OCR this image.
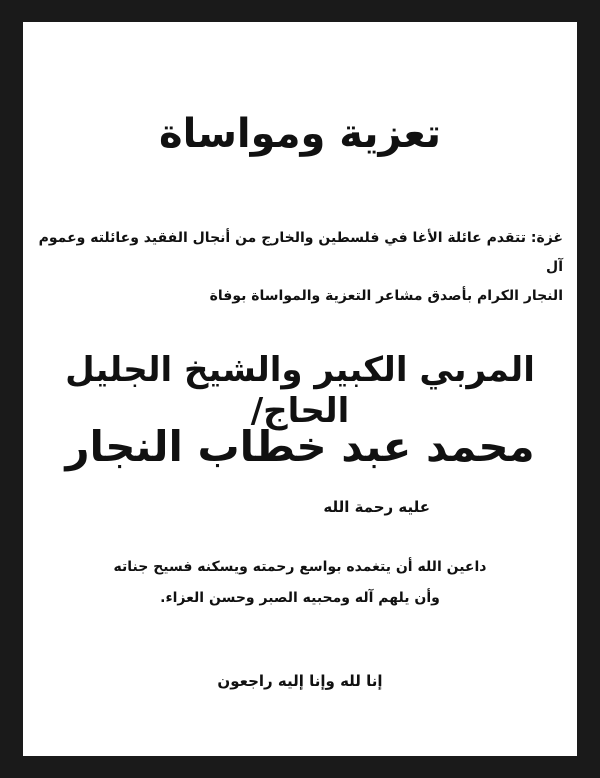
تعزية ومواساة
غزة: تتقدم عائلة الأغا في فلسطين والخارج من أنجال الفقيد وعائلته وعموم آل
النجار الكرام بأصدق مشاعر التعزية والمواساة بوفاة
المربي الكبير والشيخ الجليل الحاج/
محمد عبد خطاب النجار
عليه رحمة الله
داعين الله أن يتغمده بواسع رحمته ويسكنه فسيح جناته
وأن يلهم آله ومحبيه الصبر وحسن العزاء.
إنا لله وإنا إليه راجعون
